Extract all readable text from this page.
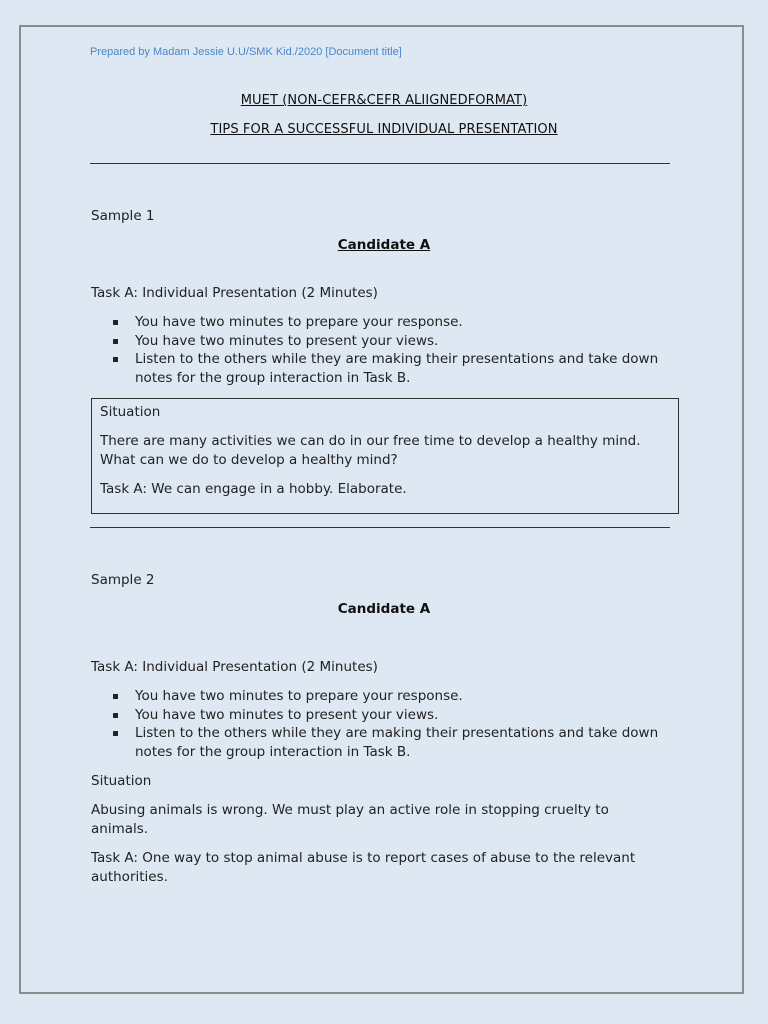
Prepared by Madam Jessie U.U/SMK Kid./2020 [Document title]
MUET (NON-CEFR&CEFR ALIIGNEDFORMAT)
TIPS FOR A SUCCESSFUL INDIVIDUAL PRESENTATION
Sample 1
Candidate A
Task A: Individual Presentation (2 Minutes)
You have two minutes to prepare your response.
You have two minutes to present your views.
Listen to the others while they are making their presentations and take down notes for the group interaction in Task B.
Situation
There are many activities we can do in our free time to develop a healthy mind. What can we do to develop a healthy mind?
Task A: We can engage in a hobby. Elaborate.
Sample 2
Candidate A
Task A: Individual Presentation (2 Minutes)
You have two minutes to prepare your response.
You have two minutes to present your views.
Listen to the others while they are making their presentations and take down notes for the group interaction in Task B.
Situation
Abusing animals is wrong. We must play an active role in stopping cruelty to animals.
Task A: One way to stop animal abuse is to report cases of abuse to the relevant authorities.
